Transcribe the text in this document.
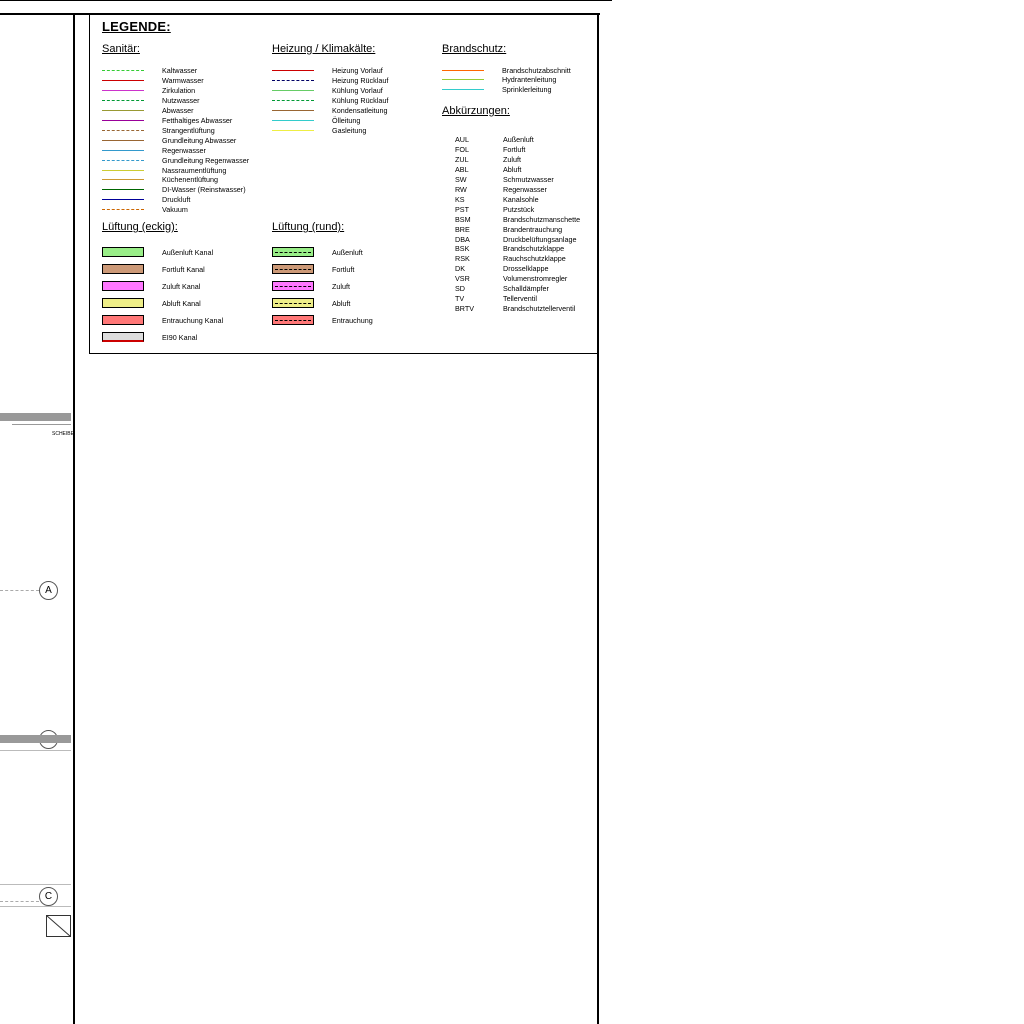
SCHEIBE
A
C
LEGENDE:
Sanitär:	Heizung / Klimakälte:	Brandschutz:
Abkürzungen:
Lüftung (eckig):	Lüftung (rund):
Kaltwasser
Warmwasser
Zirkulation
Nutzwasser
Abwasser
Fetthaltiges Abwasser
Strangentlüftung
Grundleitung Abwasser
Regenwasser
Grundleitung Regenwasser
Nassraumentlüftung
Küchenentlüftung
DI-Wasser (Reinstwasser)
Druckluft
Vakuum
Heizung Vorlauf
Heizung Rücklauf
Kühlung Vorlauf
Kühlung Rücklauf
Kondensatleitung
Ölleitung
Gasleitung
Brandschutzabschnitt
Hydrantenleitung
Sprinklerleitung
AUL	Außenluft
FOL	Fortluft
ZUL	Zuluft
ABL	Abluft
SW	Schmutzwasser
RW	Regenwasser
KS	Kanalsohle
PST	Putzstück
BSM	Brandschutzmanschette
BRE	Brandentrauchung
DBA	Druckbelüftungsanlage
BSK	Brandschutzklappe
RSK	Rauchschutzklappe
DK	Drosselklappe
VSR	Volumenstromregler
SD	Schalldämpfer
TV	Tellerventil
BRTV	Brandschutztellerventil
Außenluft Kanal
Fortluft Kanal
Zuluft Kanal
Abluft Kanal
Entrauchung Kanal
EI90 Kanal
Außenluft
Fortluft
Zuluft
Abluft
Entrauchung
